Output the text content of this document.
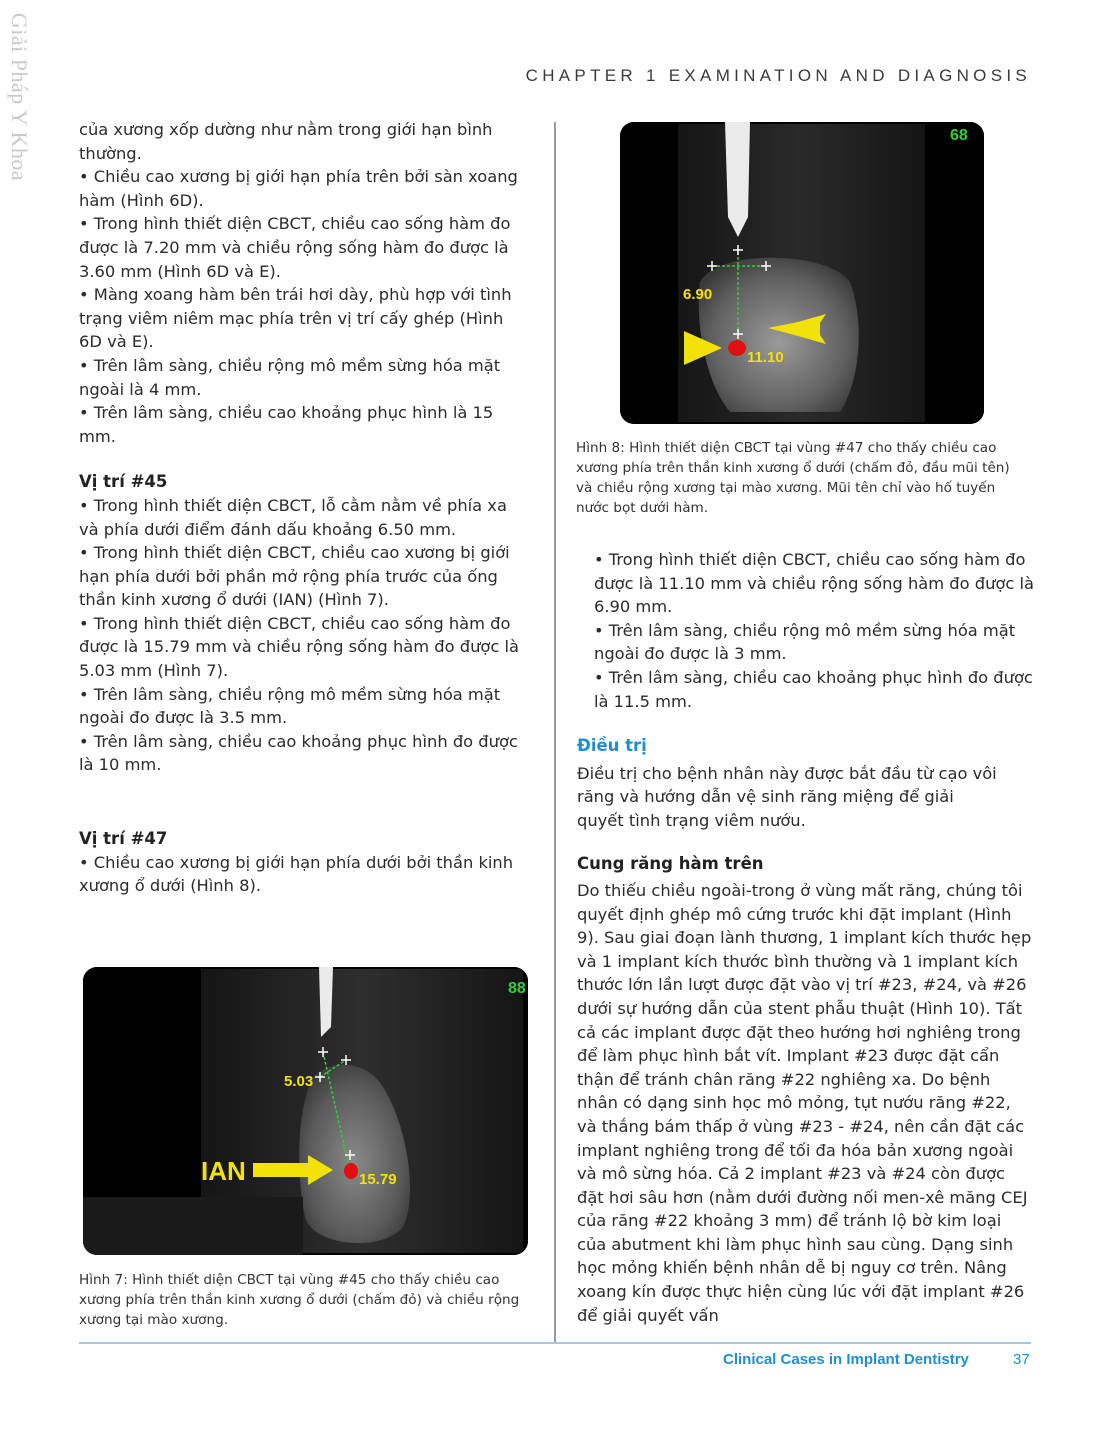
Giải Pháp Y Khoa	CHAPTER 1 EXAMINATION AND DIAGNOSIS

của xương xốp dường như nằm trong giới hạn bình thường.

• Chiều cao xương bị giới hạn phía trên bởi sàn xoang hàm (Hình 6D).

• Trong hình thiết diện CBCT, chiều cao sống hàm đo được là 7.20 mm và chiều rộng sống hàm đo được là 3.60 mm (Hình 6D và E).

• Màng xoang hàm bên trái hơi dày, phù hợp với tình trạng viêm niêm mạc phía trên vị trí cấy ghép (Hình 6D và E).

• Trên lâm sàng, chiều rộng mô mềm sừng hóa mặt ngoài là 4 mm.

• Trên lâm sàng, chiều cao khoảng phục hình là 15 mm.

Vị trí #45

• Trong hình thiết diện CBCT, lỗ cằm nằm về phía xa và phía dưới điểm đánh dấu khoảng 6.50 mm.

• Trong hình thiết diện CBCT, chiều cao xương bị giới hạn phía dưới bởi phần mở rộng phía trước của ống thần kinh xương ổ dưới (IAN) (Hình 7).

• Trong hình thiết diện CBCT, chiều cao sống hàm đo được là 15.79 mm và chiều rộng sống hàm đo được là 5.03 mm (Hình 7).

• Trên lâm sàng, chiều rộng mô mềm sừng hóa mặt ngoài đo được là 3.5 mm.

• Trên lâm sàng, chiều cao khoảng phục hình đo được là 10 mm.

Vị trí #47

• Chiều cao xương bị giới hạn phía dưới bởi thần kinh xương ổ dưới (Hình 8).

IAN
5.03
15.79
88
Hình 7: Hình thiết diện CBCT tại vùng #45 cho thấy chiều cao xương phía trên thần kinh xương ổ dưới (chấm đỏ) và chiều rộng xương tại mào xương.
6.90
11.10
68
Hình 8: Hình thiết diện CBCT tại vùng #47 cho thấy chiều cao xương phía trên thần kinh xương ổ dưới (chấm đỏ, đầu mũi tên) và chiều rộng xương tại mào xương. Mũi tên chỉ vào hố tuyến nước bọt dưới hàm.

• Trong hình thiết diện CBCT, chiều cao sống hàm đo được là 11.10 mm và chiều rộng sống hàm đo được là 6.90 mm.

• Trên lâm sàng, chiều rộng mô mềm sừng hóa mặt ngoài đo được là 3 mm.

• Trên lâm sàng, chiều cao khoảng phục hình đo được là 11.5 mm.

Điều trị

Điều trị cho bệnh nhân này được bắt đầu từ cạo vôi răng và hướng dẫn vệ sinh răng miệng để giải quyết tình trạng viêm nướu.

Cung răng hàm trên

Do thiếu chiều ngoài-trong ở vùng mất răng, chúng tôi quyết định ghép mô cứng trước khi đặt implant (Hình 9). Sau giai đoạn lành thương, 1 implant kích thước hẹp và 1 implant kích thước bình thường và 1 implant kích thước lớn lần lượt được đặt vào vị trí #23, #24, và #26 dưới sự hướng dẫn của stent phẫu thuật (Hình 10). Tất cả các implant được đặt theo hướng hơi nghiêng trong để làm phục hình bắt vít. Implant #23 được đặt cẩn thận để tránh chân răng #22 nghiêng xa. Do bệnh nhân có dạng sinh học mô mỏng, tụt nướu răng #22, và thắng bám thấp ở vùng #23 - #24, nên cần đặt các implant nghiêng trong để tối đa hóa bản xương ngoài và mô sừng hóa. Cả 2 implant #23 và #24 còn được đặt hơi sâu hơn (nằm dưới đường nối men-xê măng CEJ của răng #22 khoảng 3 mm) để tránh lộ bờ kim loại của abutment khi làm phục hình sau cùng. Dạng sinh học mỏng khiến bệnh nhân dễ bị nguy cơ trên. Nâng xoang kín được thực hiện cùng lúc với đặt implant #26 để giải quyết vấn

Clinical Cases in Implant Dentistry	37
